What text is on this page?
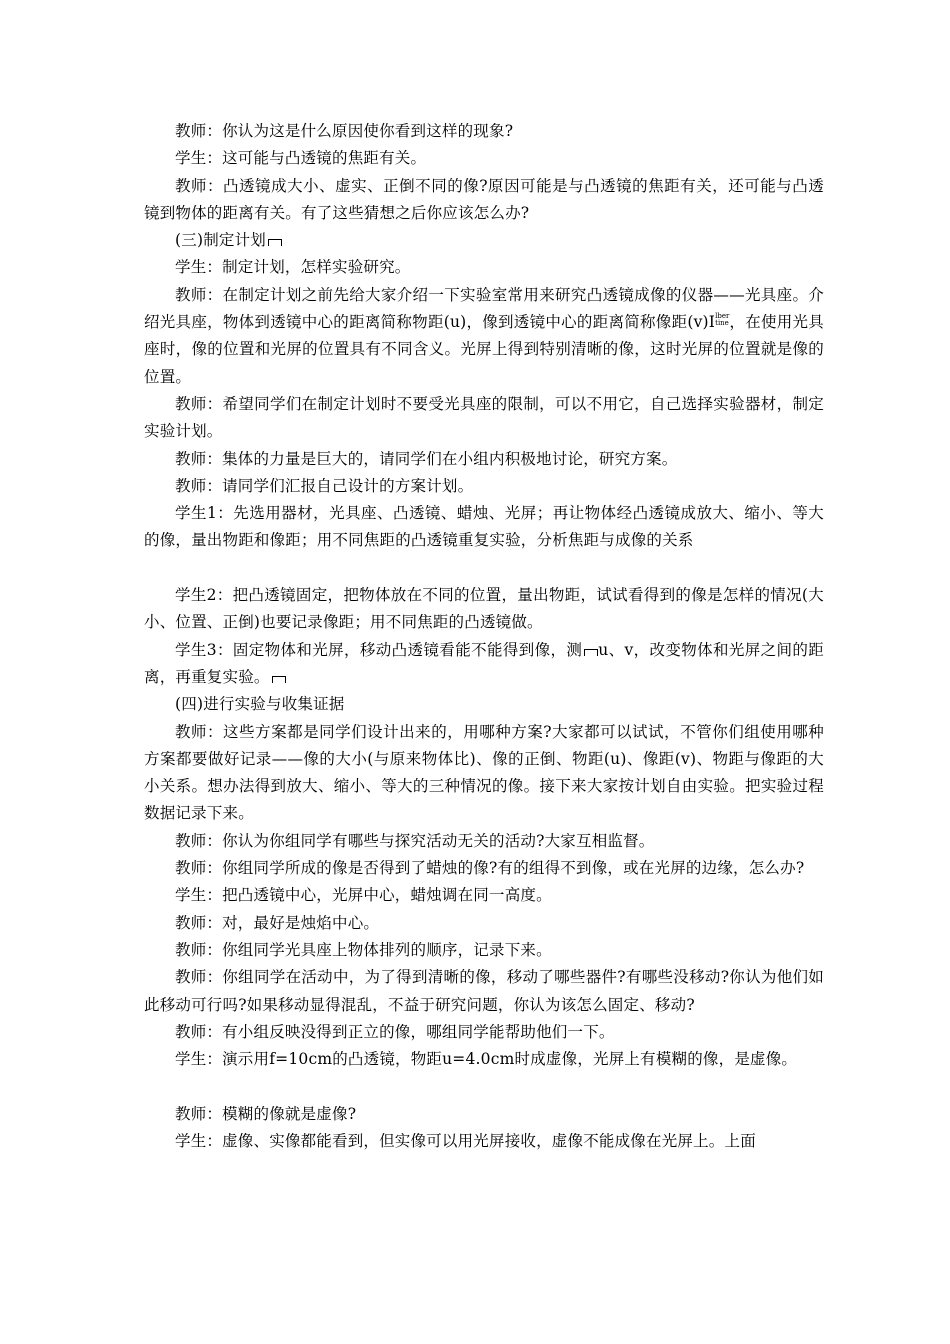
教师：你认为这是什么原因使你看到这样的现象?

学生：这可能与凸透镜的焦距有关。

教师：凸透镜成大小、虚实、正倒不同的像?原因可能是与凸透镜的焦距有关，还可能与凸透镜到物体的距离有关。有了这些猜想之后你应该怎么办?

(三)制定计划

学生：制定计划，怎样实验研究。

教师：在制定计划之前先给大家介绍一下实验室常用来研究凸透镜成像的仪器——光具座。介绍光具座，物体到透镜中心的距离简称物距(u)，像到透镜中心的距离简称像距(v)Ilber
tine，在使用光具座时，像的位置和光屏的位置具有不同含义。光屏上得到特别清晰的像，这时光屏的位置就是像的位置。

教师：希望同学们在制定计划时不要受光具座的限制，可以不用它，自己选择实验器材，制定实验计划。

教师：集体的力量是巨大的，请同学们在小组内积极地讨论，研究方案。

教师：请同学们汇报自己设计的方案计划。

学生1：先选用器材，光具座、凸透镜、蜡烛、光屏；再让物体经凸透镜成放大、缩小、等大的像，量出物距和像距；用不同焦距的凸透镜重复实验，分析焦距与成像的关系

学生2：把凸透镜固定，把物体放在不同的位置，量出物距，试试看得到的像是怎样的情况(大小、位置、正倒)也要记录像距；用不同焦距的凸透镜做。

学生3：固定物体和光屏，移动凸透镜看能不能得到像，测 u、v，改变物体和光屏之间的距离，再重复实验。

(四)进行实验与收集证据

教师：这些方案都是同学们设计出来的，用哪种方案?大家都可以试试，不管你们组使用哪种方案都要做好记录——像的大小(与原来物体比)、像的正倒、物距(u)、像距(v)、物距与像距的大小关系。想办法得到放大、缩小、等大的三种情况的像。接下来大家按计划自由实验。把实验过程数据记录下来。

教师：你认为你组同学有哪些与探究活动无关的活动?大家互相监督。

教师：你组同学所成的像是否得到了蜡烛的像?有的组得不到像，或在光屏的边缘，怎么办?

学生：把凸透镜中心，光屏中心，蜡烛调在同一高度。

教师：对，最好是烛焰中心。

教师：你组同学光具座上物体排列的顺序，记录下来。

教师：你组同学在活动中，为了得到清晰的像，移动了哪些器件?有哪些没移动?你认为他们如此移动可行吗?如果移动显得混乱，不益于研究问题，你认为该怎么固定、移动?

教师：有小组反映没得到正立的像，哪组同学能帮助他们一下。

学生：演示用f=10cm的凸透镜，物距u=4.0cm时成虚像，光屏上有模糊的像，是虚像。

教师：模糊的像就是虚像?

学生：虚像、实像都能看到，但实像可以用光屏接收，虚像不能成像在光屏上。上面
